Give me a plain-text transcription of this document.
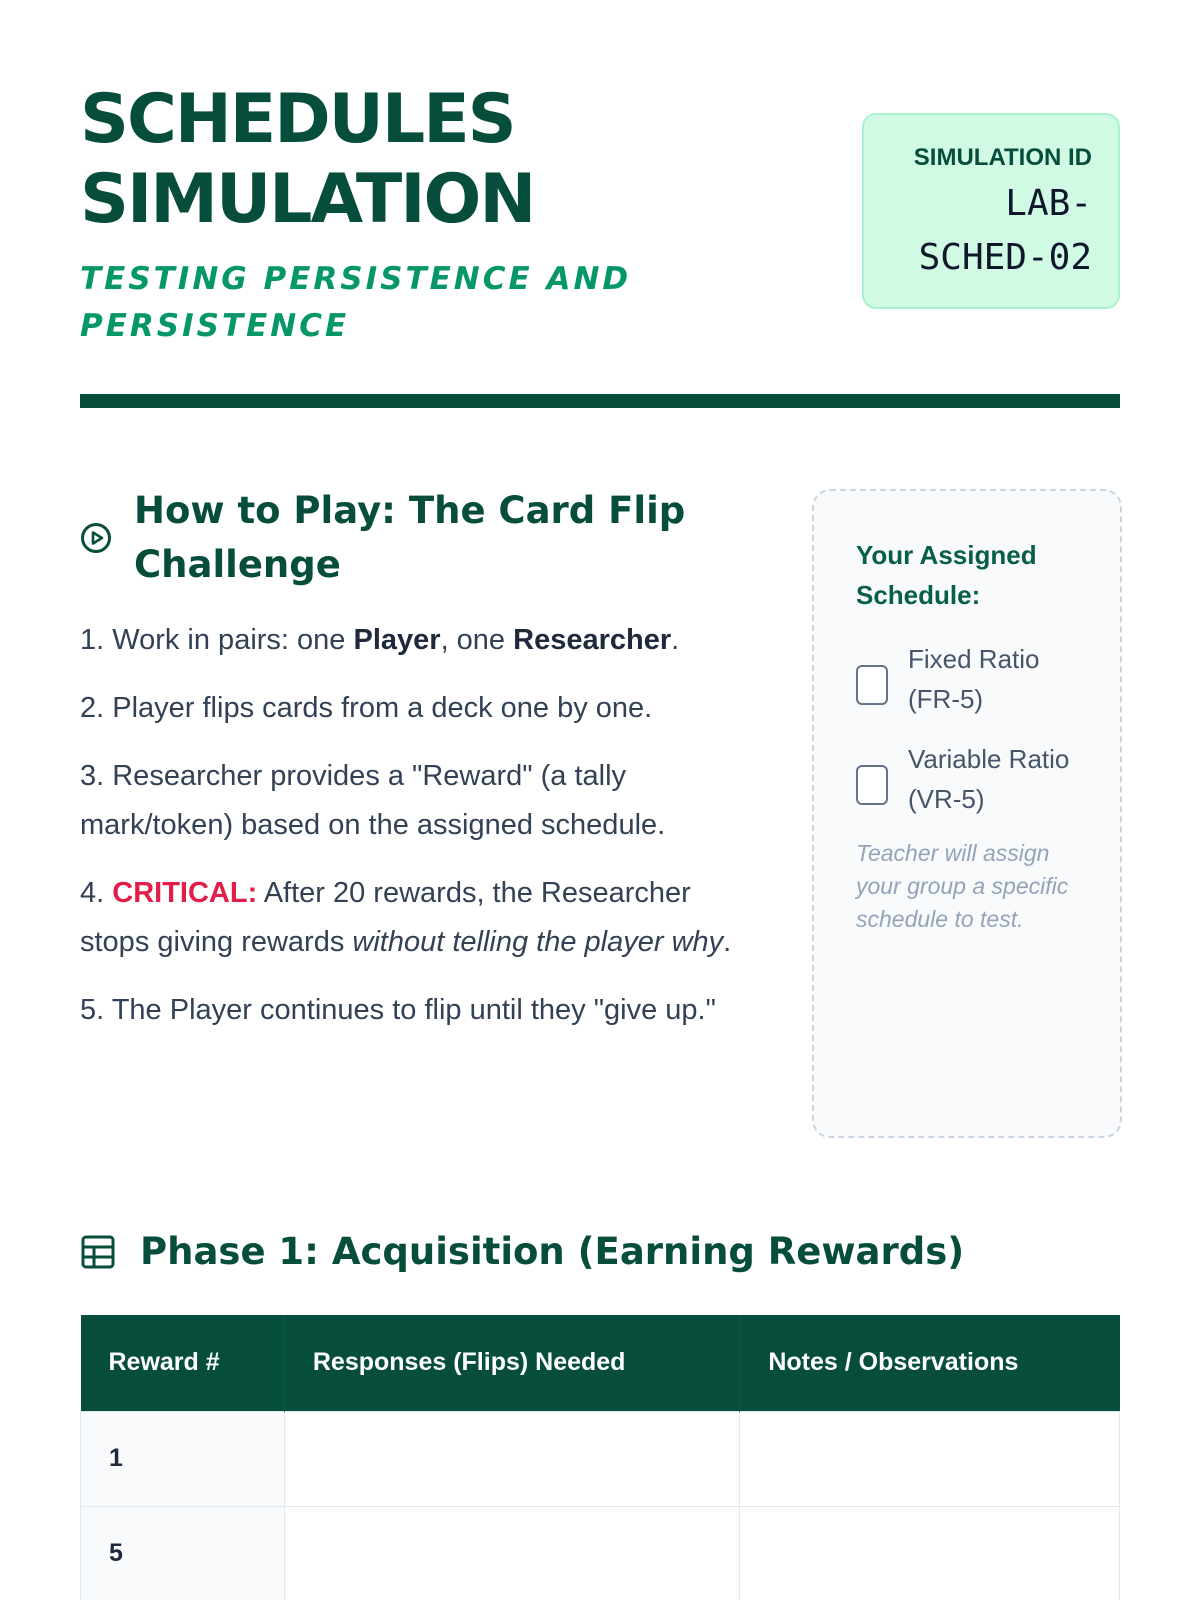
SCHEDULES
SIMULATION
TESTING PERSISTENCE AND PERSISTENCE
SIMULATION ID
LAB-
SCHED-02
How to Play: The Card Flip Challenge
1. Work in pairs: one Player, one Researcher.
2. Player flips cards from a deck one by one.
3. Researcher provides a "Reward" (a tally mark/token) based on the assigned schedule.
4. CRITICAL: After 20 rewards, the Researcher stops giving rewards without telling the player why.
5. The Player continues to flip until they "give up."
Your Assigned Schedule:
Fixed Ratio (FR-5)
Variable Ratio (VR-5)

Teacher will assign your group a specific schedule to test.

Phase 1: Acquisition (Earning Rewards)
Reward #	Responses (Flips) Needed	Notes / Observations
1		
5		
